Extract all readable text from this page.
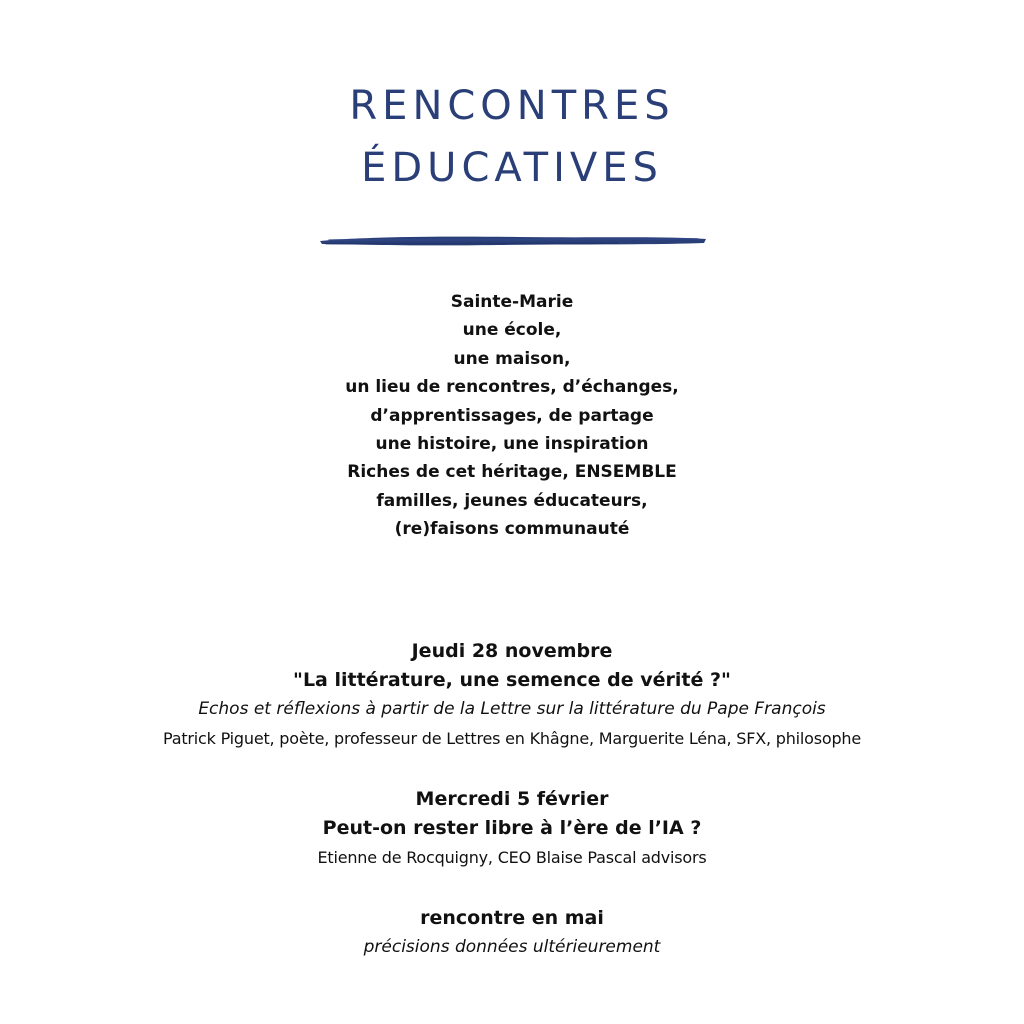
RENCONTRES
ÉDUCATIVES
Sainte-Marie
une école,
une maison,
un lieu de rencontres, d’échanges,
d’apprentissages, de partage
une histoire, une inspiration
Riches de cet héritage, ENSEMBLE
familles, jeunes éducateurs,
(re)faisons communauté
Jeudi 28 novembre
"La littérature, une semence de vérité ?"
Echos et réflexions à partir de la Lettre sur la littérature du Pape François
Patrick Piguet, poète, professeur de Lettres en Khâgne, Marguerite Léna, SFX, philosophe
Mercredi 5 février
Peut-on rester libre à l’ère de l’IA ?
Etienne de Rocquigny, CEO Blaise Pascal advisors
rencontre en mai
précisions données ultérieurement
